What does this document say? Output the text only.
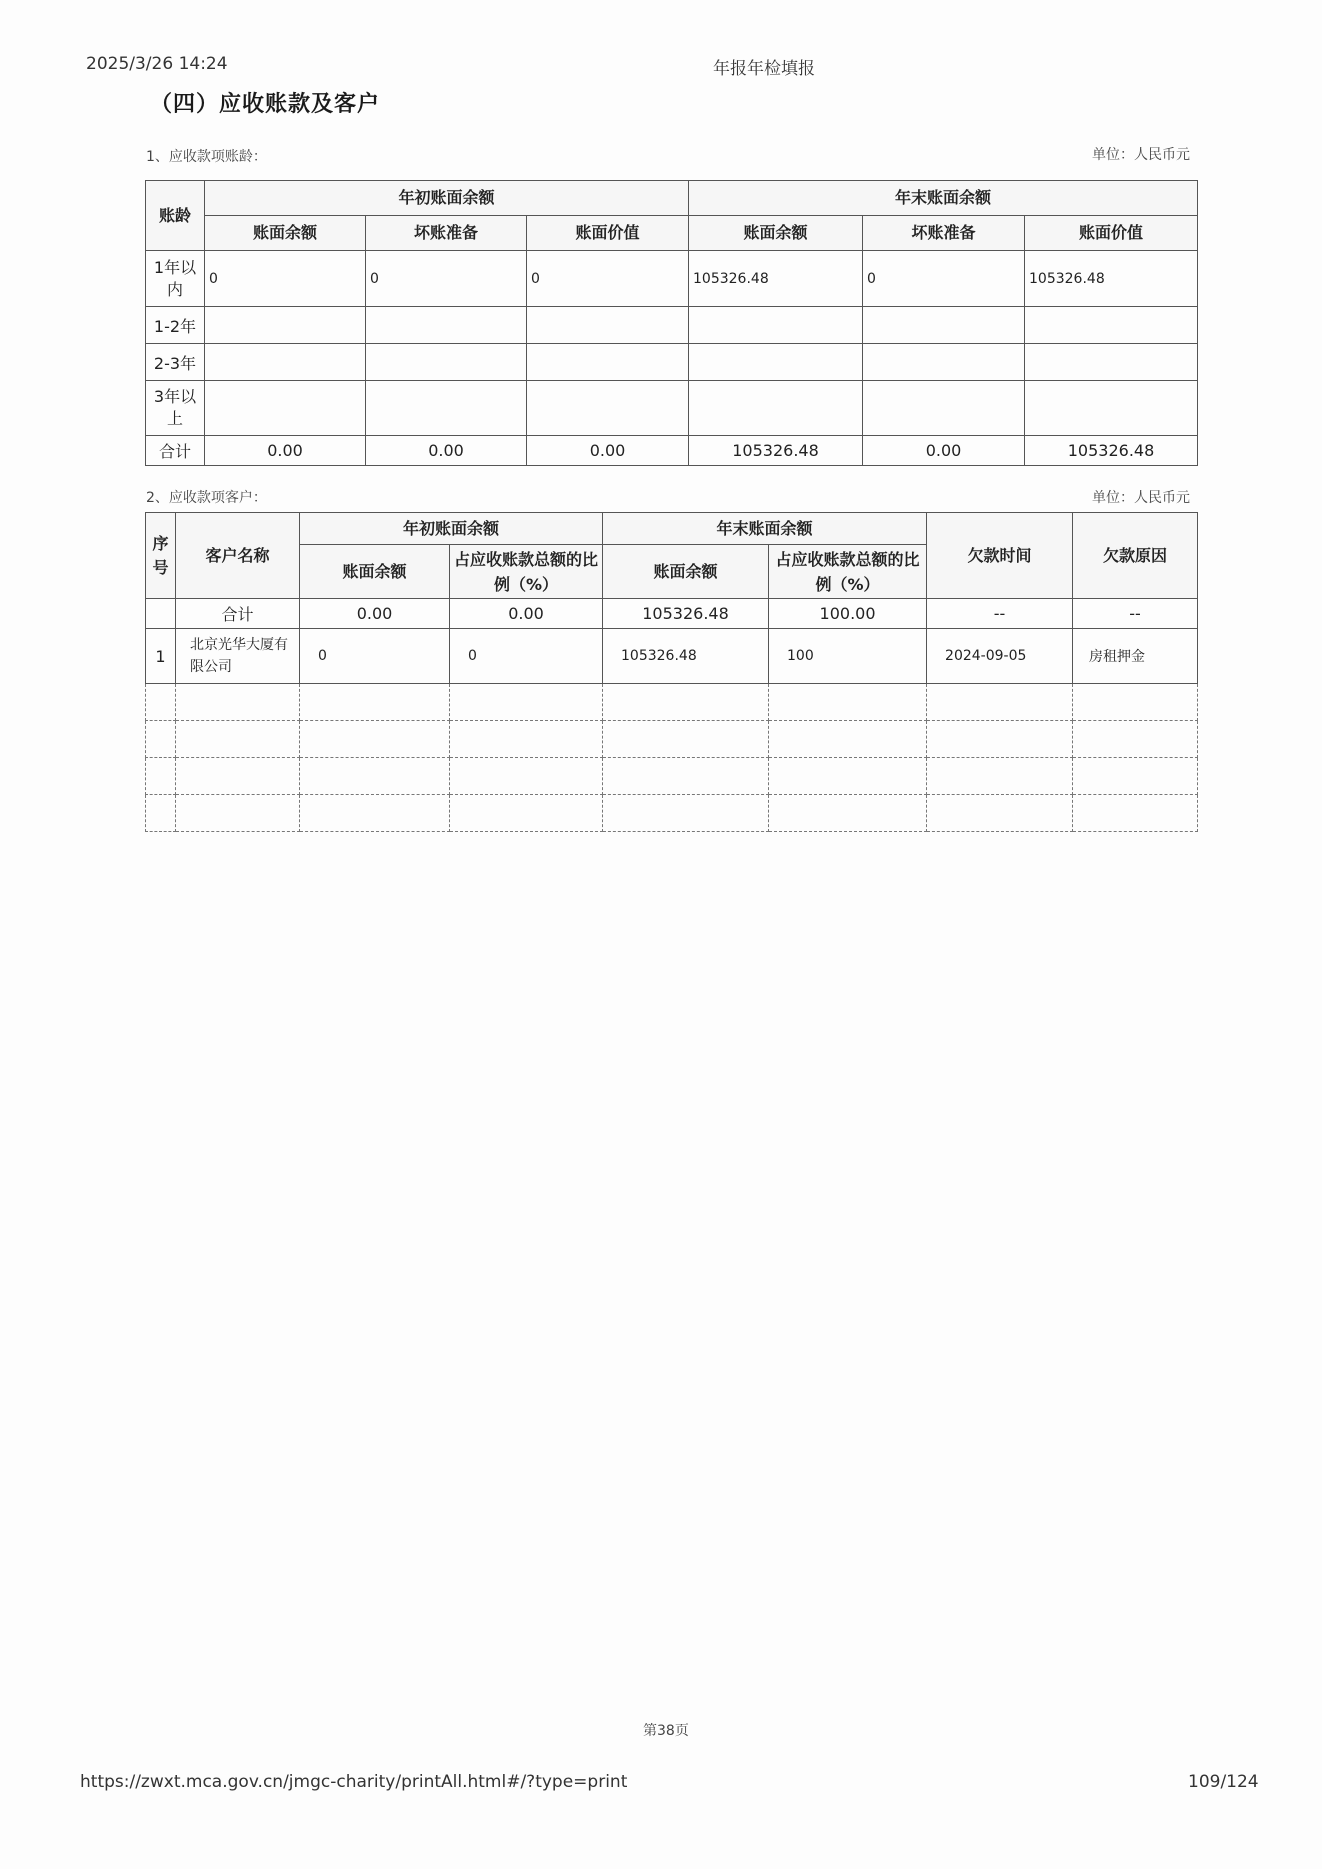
2025/3/26 14:24	年报年检填报
（四）应收账款及客户
1、应收款项账龄：	单位：人民币元
账龄	年初账面余额			年末账面余额		
	账面余额	坏账准备	账面价值	账面余额	坏账准备	账面价值
1年以内	0	0	0	105326.48	0	105326.48
1-2年						
2-3年						
3年以上						
合计	0.00	0.00	0.00	105326.48	0.00	105326.48
2、应收款项客户：	单位：人民币元
序号	客户名称	年初账面余额		年末账面余额		欠款时间	欠款原因
		账面余额	占应收账款总额的比例（%）	账面余额	占应收账款总额的比例（%）		
	合计	0.00	0.00	105326.48	100.00	--	--
1	北京光华大厦有限公司	0	0	105326.48	100	2024-09-05	房租押金

第38页
https://zwxt.mca.gov.cn/jmgc-charity/printAll.html#/?type=print	109/124
